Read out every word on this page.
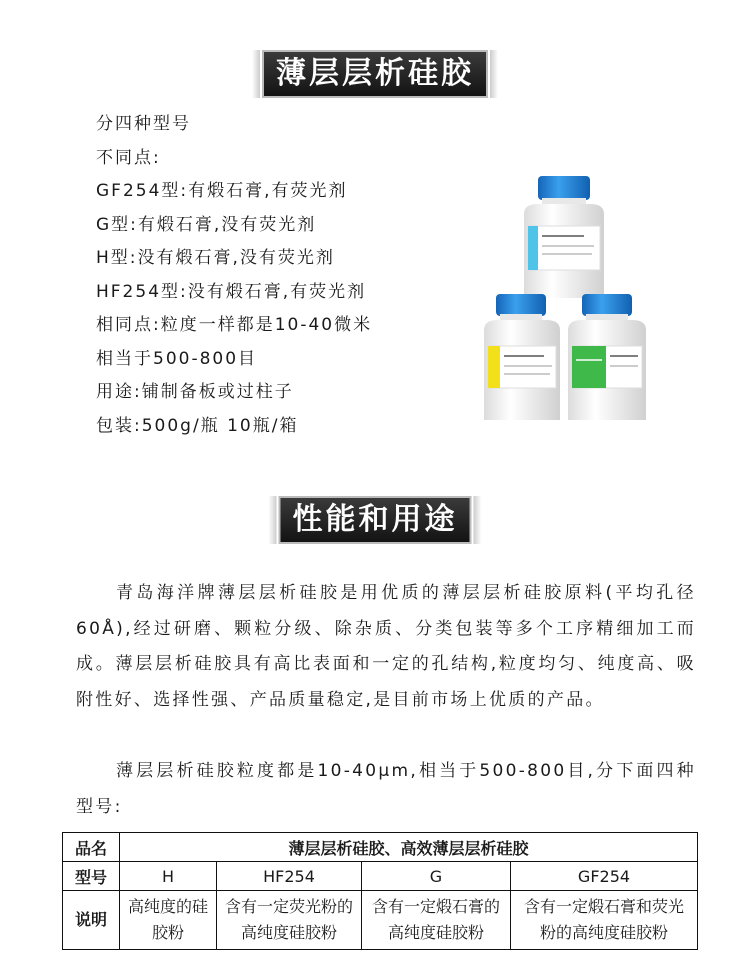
薄层层析硅胶
分四种型号
不同点:
GF254型:有煅石膏,有荧光剂
G型:有煅石膏,没有荧光剂
H型:没有煅石膏,没有荧光剂
HF254型:没有煅石膏,有荧光剂
相同点:粒度一样都是10-40微米
相当于500-800目
用途:铺制备板或过柱子
包装:500g/瓶 10瓶/箱
性能和用途

青岛海洋牌薄层层析硅胶是用优质的薄层层析硅胶原料(平均孔径60Å),经过研磨、颗粒分级、除杂质、分类包装等多个工序精细加工而成。薄层层析硅胶具有高比表面和一定的孔结构,粒度均匀、纯度高、吸附性好、选择性强、产品质量稳定,是目前市场上优质的产品。

薄层层析硅胶粒度都是10-40μm,相当于500-800目,分下面四种型号:

品名	薄层层析硅胶、高效薄层层析硅胶			
型号	H	HF254	G	GF254
说明	高纯度的硅胶粉	含有一定荧光粉的高纯度硅胶粉	含有一定煅石膏的高纯度硅胶粉	含有一定煅石膏和荧光粉的高纯度硅胶粉
